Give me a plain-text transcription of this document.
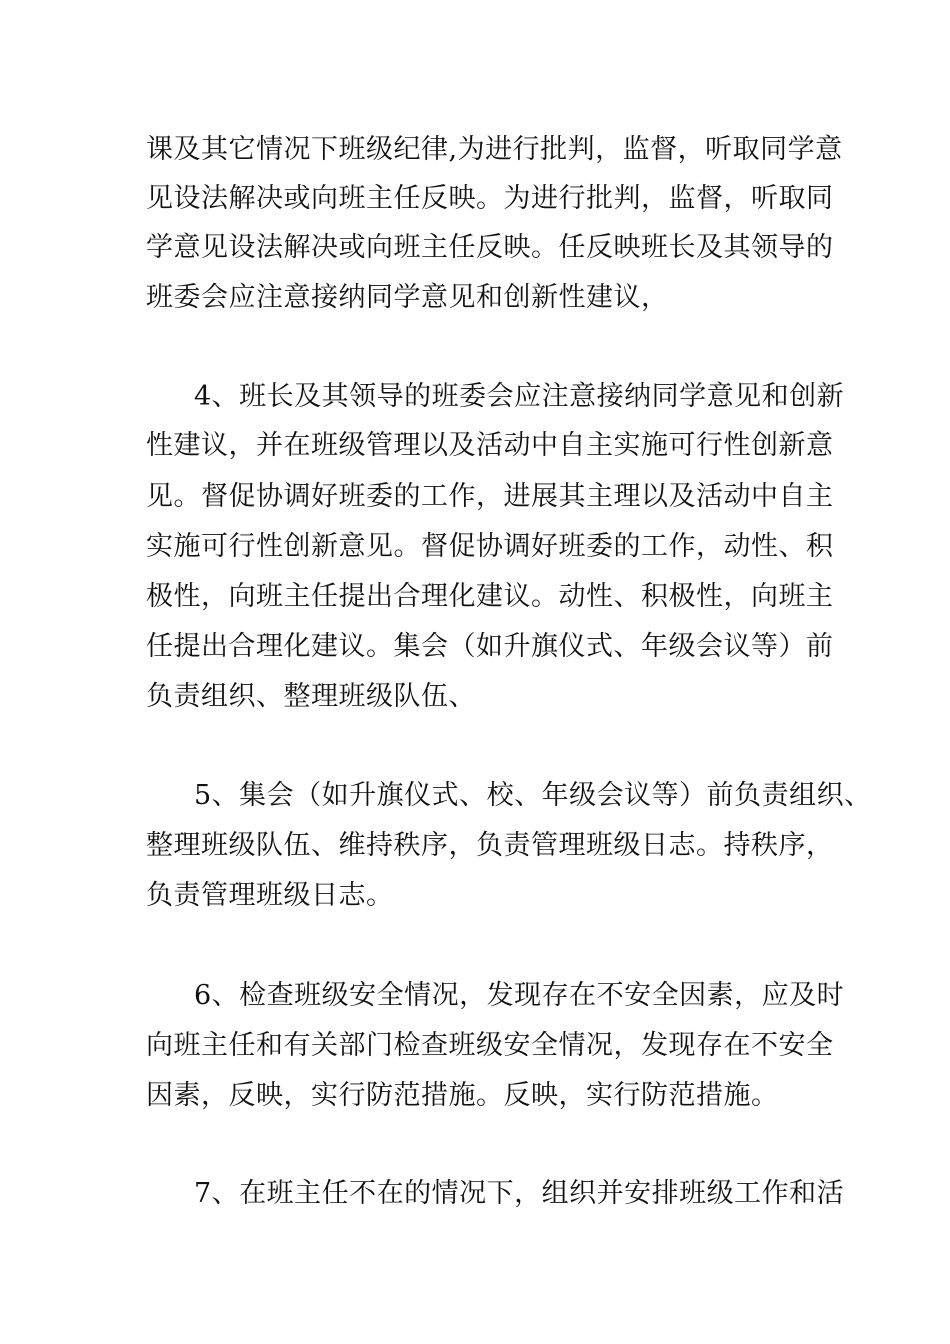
课及其它情况下班级纪律,为进行批判，监督，听取同学意
见设法解决或向班主任反映。为进行批判，监督，听取同
学意见设法解决或向班主任反映。任反映班长及其领导的
班委会应注意接纳同学意见和创新性建议，
4、班长及其领导的班委会应注意接纳同学意见和创新
性建议，并在班级管理以及活动中自主实施可行性创新意
见。督促协调好班委的工作，进展其主理以及活动中自主
实施可行性创新意见。督促协调好班委的工作，动性、积
极性，向班主任提出合理化建议。动性、积极性，向班主
任提出合理化建议。集会（如升旗仪式、年级会议等）前
负责组织、整理班级队伍、
5、集会（如升旗仪式、校、年级会议等）前负责组织、
整理班级队伍、维持秩序，负责管理班级日志。持秩序，
负责管理班级日志。
6、检查班级安全情况，发现存在不安全因素，应及时
向班主任和有关部门检查班级安全情况，发现存在不安全
因素，反映，实行防范措施。反映，实行防范措施。
7、在班主任不在的情况下，组织并安排班级工作和活
